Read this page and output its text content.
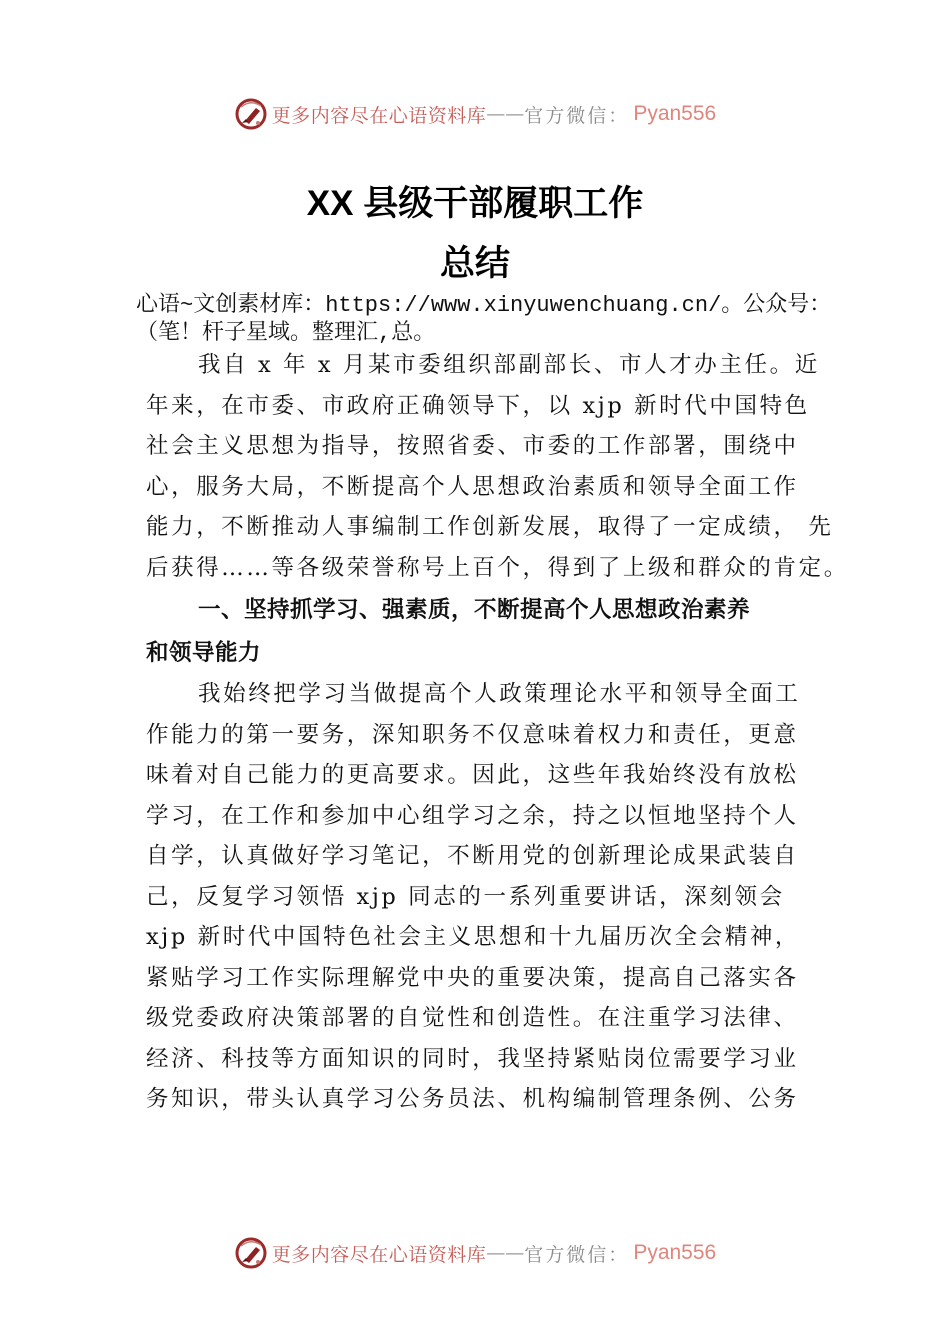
更多内容尽在心语资料库 —— 官方微信： Pyan556
XX 县级干部履职工作
总结
心语~文创素材库：https://www.xinyuwenchuang.cn/。公众号：
（笔！杆子星域。整理汇,总。
我自 x 年 x 月某市委组织部副部长、市人才办主任。近
年来，在市委、市政府正确领导下，以 xjp 新时代中国特色
社会主义思想为指导，按照省委、市委的工作部署，围绕中
心，服务大局，不断提高个人思想政治素质和领导全面工作
能力，不断推动人事编制工作创新发展，取得了一定成绩， 先
后获得……等各级荣誉称号上百个，得到了上级和群众的肯定。
一、坚持抓学习、强素质，不断提高个人思想政治素养
和领导能力
我始终把学习当做提高个人政策理论水平和领导全面工
作能力的第一要务，深知职务不仅意味着权力和责任，更意
味着对自己能力的更高要求。因此，这些年我始终没有放松
学习，在工作和参加中心组学习之余，持之以恒地坚持个人
自学，认真做好学习笔记，不断用党的创新理论成果武装自
己，反复学习领悟 xjp 同志的一系列重要讲话，深刻领会
xjp 新时代中国特色社会主义思想和十九届历次全会精神，
紧贴学习工作实际理解党中央的重要决策，提高自己落实各
级党委政府决策部署的自觉性和创造性。在注重学习法律、
经济、科技等方面知识的同时，我坚持紧贴岗位需要学习业
务知识，带头认真学习公务员法、机构编制管理条例、公务
更多内容尽在心语资料库 —— 官方微信： Pyan556
